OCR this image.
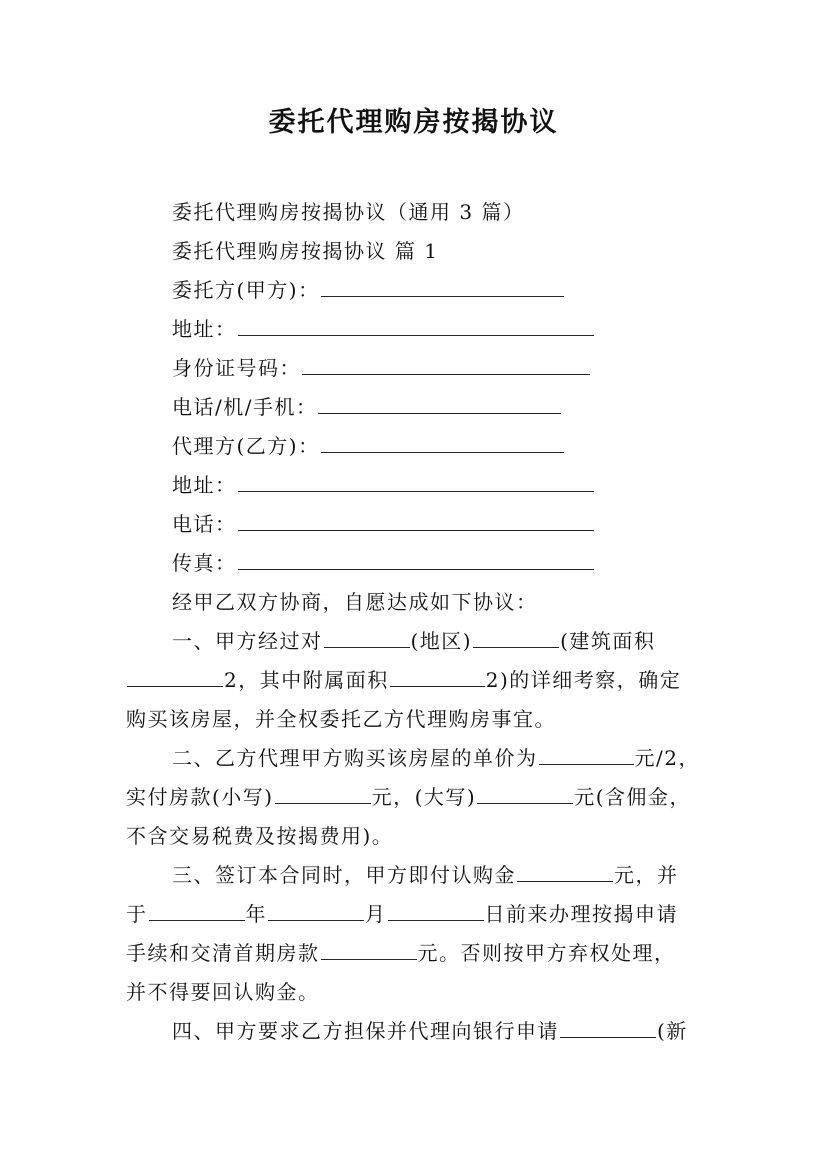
委托代理购房按揭协议
委托代理购房按揭协议（通用 3 篇）
委托代理购房按揭协议 篇 1
委托方(甲方)：
地址：
身份证号码：
电话/机/手机：
代理方(乙方)：
地址：
电话：
传真：
经甲乙双方协商，自愿达成如下协议：
一、甲方经过对	(地区)	(建筑面积
2，其中附属面积	2)的详细考察，确定
购买该房屋，并全权委托乙方代理购房事宜。
二、乙方代理甲方购买该房屋的单价为	元/2，
实付房款(小写)	元，(大写)	元(含佣金，
不含交易税费及按揭费用)。
三、签订本合同时，甲方即付认购金	元，并
于	年	月	日前来办理按揭申请
手续和交清首期房款	元。否则按甲方弃权处理，
并不得要回认购金。
四、甲方要求乙方担保并代理向银行申请	(新
